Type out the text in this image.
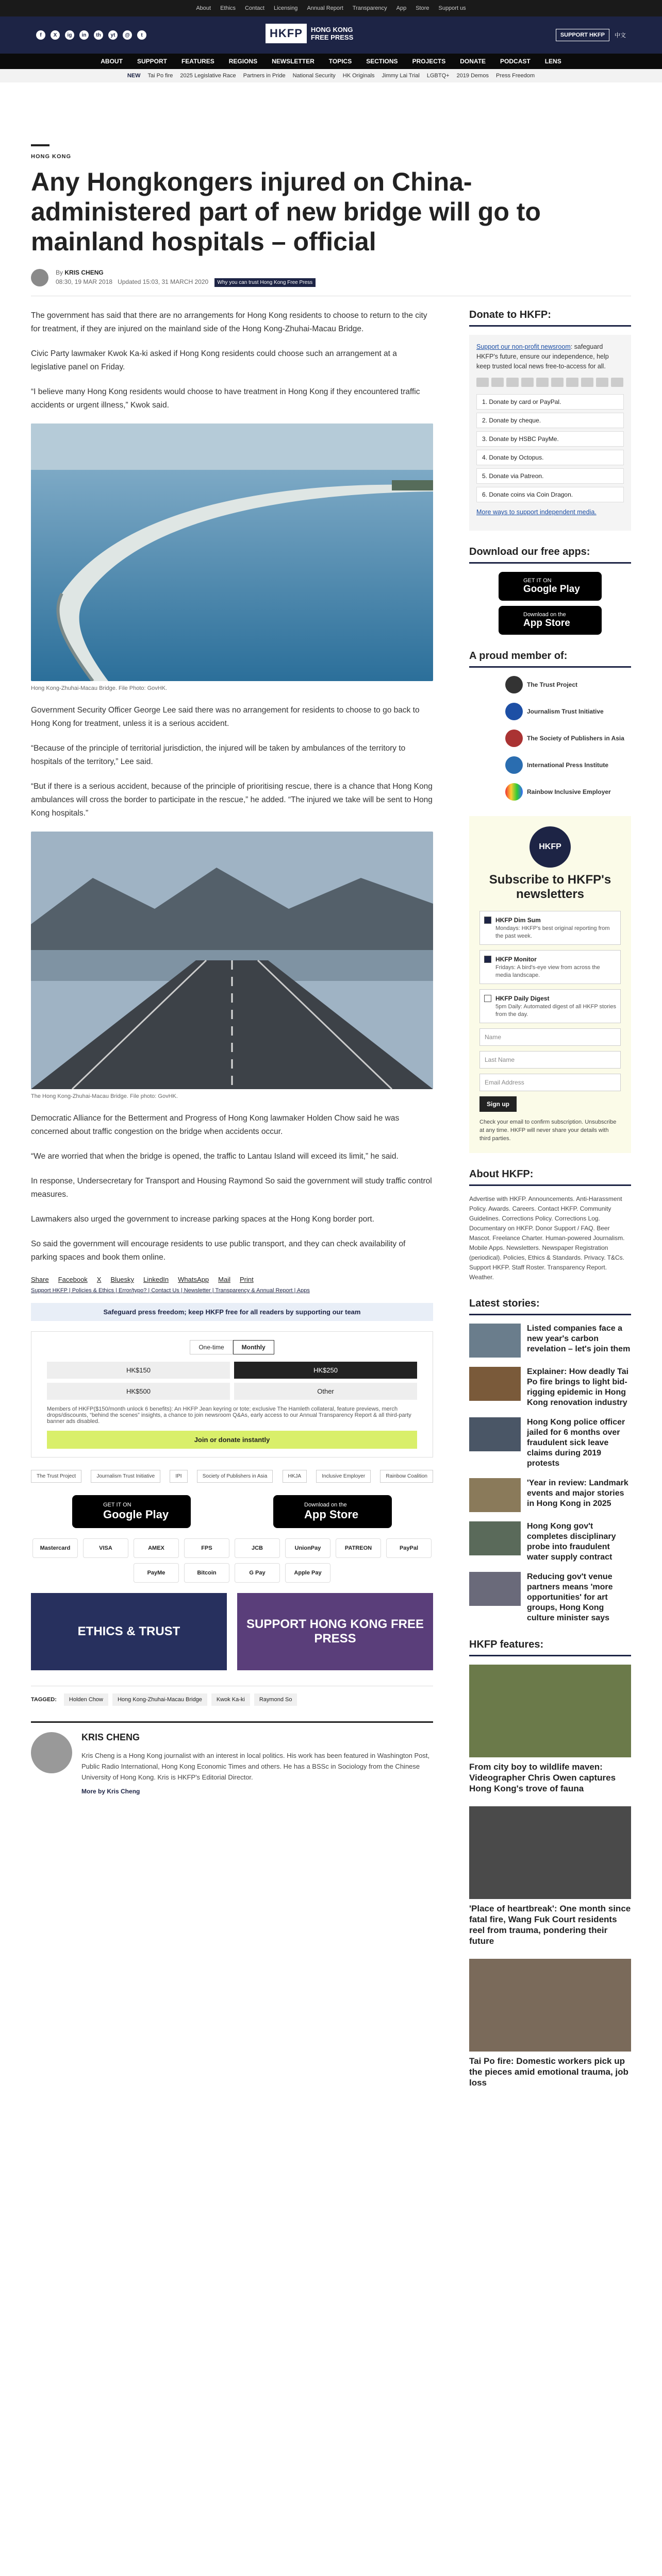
About Ethics Contact Licensing Annual Report Transparency App Store Support us
f	X	ig	in	th	yt	@	t	HKFP	HONG KONG
FREE PRESS	SUPPORT HKFP	中文
ABOUT SUPPORT FEATURES REGIONS NEWSLETTER TOPICS SECTIONS PROJECTS DONATE PODCAST LENS
NEW Tai Po fire 2025 Legislative Race Partners in Pride National Security HK Originals Jimmy Lai Trial LGBTQ+ 2019 Demos Press Freedom
HONG KONG
Any Hongkongers injured on China-administered part of new bridge will go to mainland hospitals – official
By KRIS CHENG
08:30, 19 MAR 2018 Updated 15:03, 31 MARCH 2020 Why you can trust Hong Kong Free Press

The government has said that there are no arrangements for Hong Kong residents to choose to return to the city for treatment, if they are injured on the mainland side of the Hong Kong-Zhuhai-Macau Bridge.

Civic Party lawmaker Kwok Ka-ki asked if Hong Kong residents could choose such an arrangement at a legislative panel on Friday.

“I believe many Hong Kong residents would choose to have treatment in Hong Kong if they encountered traffic accidents or urgent illness,” Kwok said.

Hong Kong-Zhuhai-Macau Bridge. File Photo: GovHK.

Government Security Officer George Lee said there was no arrangement for residents to choose to go back to Hong Kong for treatment, unless it is a serious accident.

“Because of the principle of territorial jurisdiction, the injured will be taken by ambulances of the territory to hospitals of the territory,” Lee said.

“But if there is a serious accident, because of the principle of prioritising rescue, there is a chance that Hong Kong ambulances will cross the border to participate in the rescue,” he added. “The injured we take will be sent to Hong Kong hospitals.”

The Hong Kong-Zhuhai-Macau Bridge. File photo: GovHK.

Democratic Alliance for the Betterment and Progress of Hong Kong lawmaker Holden Chow said he was concerned about traffic congestion on the bridge when accidents occur.

“We are worried that when the bridge is opened, the traffic to Lantau Island will exceed its limit,” he said.

In response, Undersecretary for Transport and Housing Raymond So said the government will study traffic control measures.

Lawmakers also urged the government to increase parking spaces at the Hong Kong border port.

So said the government will encourage residents to use public transport, and they can check availability of parking spaces and book them online.

Share Facebook X Bluesky LinkedIn WhatsApp Mail Print
Support HKFP | Policies & Ethics | Error/typo? | Contact Us | Newsletter | Transparency & Annual Report | Apps
Safeguard press freedom; keep HKFP free for all readers by supporting our team
One-time	Monthly
HK$150	HK$250
HK$500	Other
Members of HKFP($150/month unlock 6 benefits): An HKFP Jean keyring or tote; exclusive The Hamleth collateral, feature previews, merch drops/discounts, “behind the scenes” insights, a chance to join newsroom Q&As, early access to our Annual Transparency Report & all third-party banner ads disabled.
Join or donate instantly
The Trust Project	Journalism Trust Initiative	IPI	Society of Publishers in Asia	HKJA	Inclusive Employer	Rainbow Coalition
GET IT ON
Google Play
Download on the
App Store
Mastercard	VISA	AMEX	FPS	JCB	UnionPay	PATREON	PayPal
PayMe	Bitcoin	G Pay	Apple Pay
ETHICS & TRUST
SUPPORT HONG KONG FREE PRESS
TAGGED:	Holden Chow	Hong Kong-Zhuhai-Macau Bridge	Kwok Ka-ki	Raymond So
KRIS CHENG

Kris Cheng is a Hong Kong journalist with an interest in local politics. His work has been featured in Washington Post, Public Radio International, Hong Kong Economic Times and others. He has a BSSc in Sociology from the Chinese University of Hong Kong. Kris is HKFP's Editorial Director.

More by Kris Cheng
Donate to HKFP:

Support our non-profit newsroom: safeguard HKFP's future, ensure our independence, help keep trusted local news free-to-access for all.

1. Donate by card or PayPal.
2. Donate by cheque.
3. Donate by HSBC PayMe.
4. Donate by Octopus.
5. Donate via Patreon.
6. Donate coins via Coin Dragon.

More ways to support independent media.

Download our free apps:
GET IT ON
Google Play
Download on the
App Store
A proud member of:
The Trust Project
Journalism Trust Initiative
The Society of Publishers in Asia
International Press Institute
Rainbow Inclusive Employer
HKFP
Subscribe to HKFP's newsletters
HKFP Dim Sum

Mondays: HKFP's best original reporting from the past week.

HKFP Monitor

Fridays: A bird's-eye view from across the media landscape.

HKFP Daily Digest

5pm Daily: Automated digest of all HKFP stories from the day.

Name
Last Name
Email Address
Sign up

Check your email to confirm subscription. Unsubscribe at any time. HKFP will never share your details with third parties.

About HKFP:

Advertise with HKFP. Announcements. Anti-Harassment Policy. Awards. Careers. Contact HKFP. Community Guidelines. Corrections Policy. Corrections Log. Documentary on HKFP. Donor Support / FAQ. Beer Mascot. Freelance Charter. Human-powered Journalism. Mobile Apps. Newsletters. Newspaper Registration (periodical). Policies, Ethics & Standards. Privacy. T&Cs. Support HKFP. Staff Roster. Transparency Report. Weather.

Latest stories:
Listed companies face a new year's carbon revelation – let's join them
Explainer: How deadly Tai Po fire brings to light bid-rigging epidemic in Hong Kong renovation industry
Hong Kong police officer jailed for 6 months over fraudulent sick leave claims during 2019 protests
'Year in review: Landmark events and major stories in Hong Kong in 2025
Hong Kong gov't completes disciplinary probe into fraudulent water supply contract
Reducing gov't venue partners means 'more opportunities' for art groups, Hong Kong culture minister says
HKFP features:
From city boy to wildlife maven: Videographer Chris Owen captures Hong Kong's trove of fauna
'Place of heartbreak': One month since fatal fire, Wang Fuk Court residents reel from trauma, pondering their future
Tai Po fire: Domestic workers pick up the pieces amid emotional trauma, job loss
